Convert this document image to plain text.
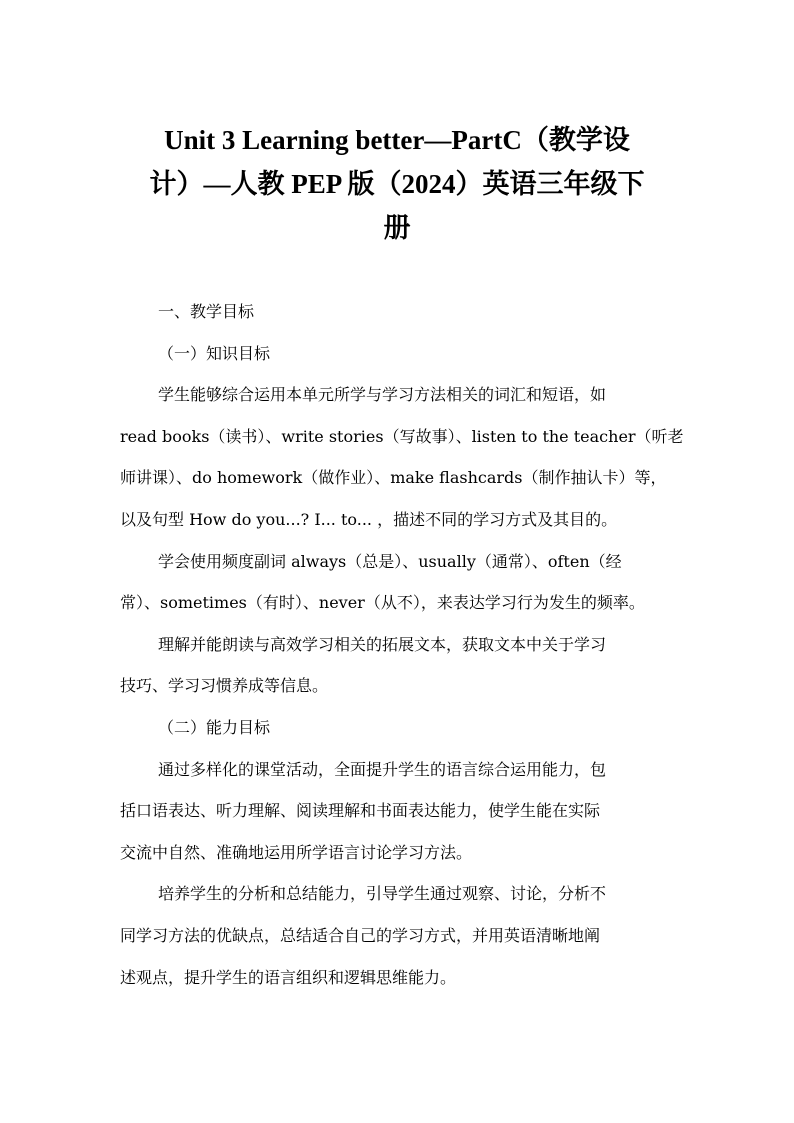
Unit 3 Learning better—PartC（教学设
计）—人教 PEP 版（2024）英语三年级下
册

一、教学目标

（一）知识目标

学生能够综合运用本单元所学与学习方法相关的词汇和短语，如

read books（读书）、write stories（写故事）、listen to the teacher（听老

师讲课）、do homework（做作业）、make flashcards（制作抽认卡）等，

以及句型 How do you...? I... to... ，描述不同的学习方式及其目的。

学会使用频度副词 always（总是）、usually（通常）、often（经

常）、sometimes（有时）、never（从不），来表达学习行为发生的频率。

理解并能朗读与高效学习相关的拓展文本，获取文本中关于学习

技巧、学习习惯养成等信息。

（二）能力目标

通过多样化的课堂活动，全面提升学生的语言综合运用能力，包

括口语表达、听力理解、阅读理解和书面表达能力，使学生能在实际

交流中自然、准确地运用所学语言讨论学习方法。

培养学生的分析和总结能力，引导学生通过观察、讨论，分析不

同学习方法的优缺点，总结适合自己的学习方式，并用英语清晰地阐

述观点，提升学生的语言组织和逻辑思维能力。
